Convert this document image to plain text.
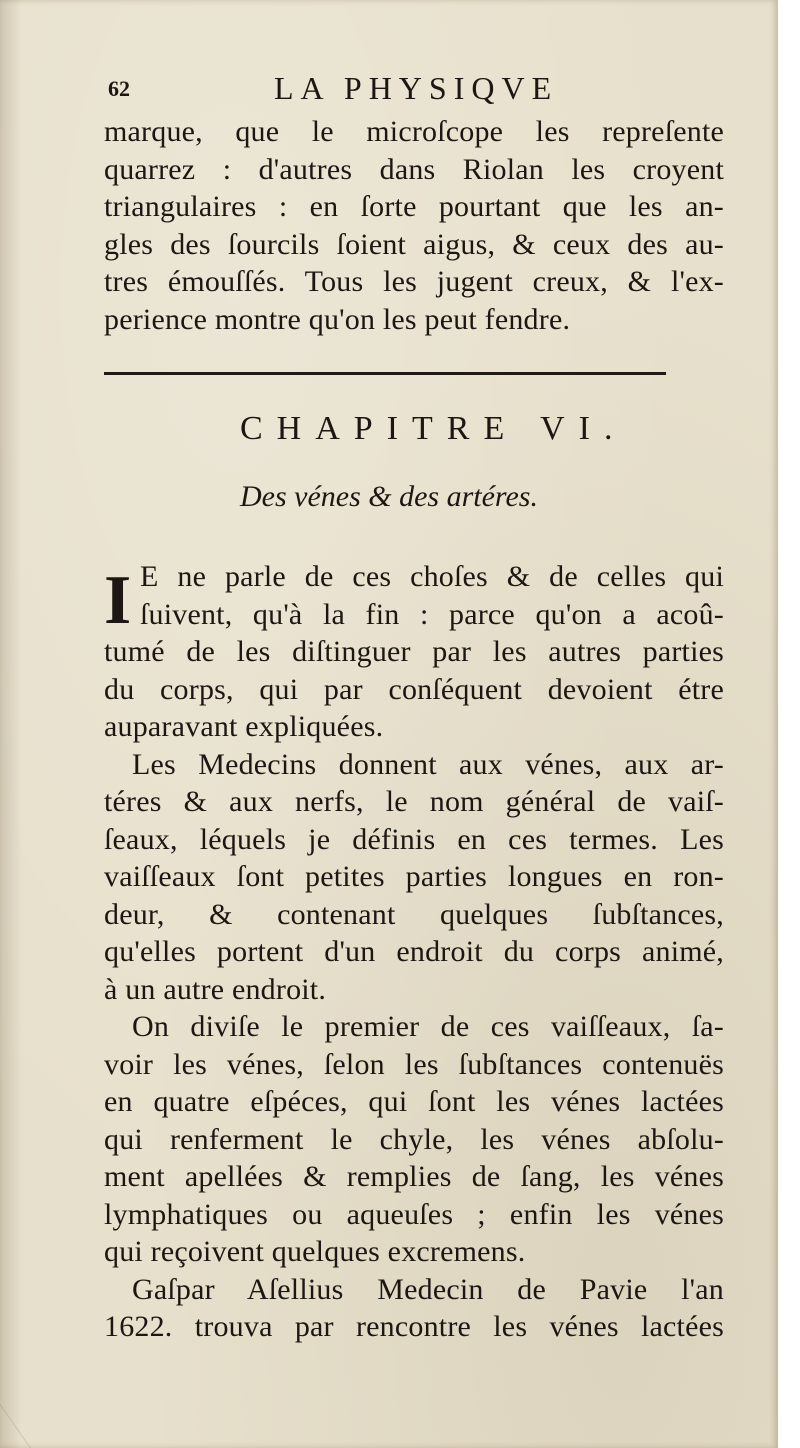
62	LA PHYSIQVE
marque, que le microſcope les repreſente
quarrez : d'autres dans Riolan les croyent
triangulaires : en ſorte pourtant que les an-
gles des ſourcils ſoient aigus, & ceux des au-
tres émouſſés. Tous les jugent creux, & l'ex-
perience montre qu'on les peut fendre.
CHAPITRE VI.
Des vénes & des artéres.
I E ne parle de ces choſes & de celles qui
ſuivent, qu'à la fin : parce qu'on a acoû-
tumé de les diſtinguer par les autres parties
du corps, qui par conſéquent devoient étre
auparavant expliquées.
Les Medecins donnent aux vénes, aux ar-
téres & aux nerfs, le nom général de vaiſ-
ſeaux, léquels je définis en ces termes. Les
vaiſſeaux ſont petites parties longues en ron-
deur, & contenant quelques ſubſtances,
qu'elles portent d'un endroit du corps animé,
à un autre endroit.
On diviſe le premier de ces vaiſſeaux, ſa-
voir les vénes, ſelon les ſubſtances contenuës
en quatre eſpéces, qui ſont les vénes lactées
qui renferment le chyle, les vénes abſolu-
ment apellées & remplies de ſang, les vénes
lymphatiques ou aqueuſes ; enfin les vénes
qui reçoivent quelques excremens.
Gaſpar Aſellius Medecin de Pavie l'an
1622. trouva par rencontre les vénes lactées
